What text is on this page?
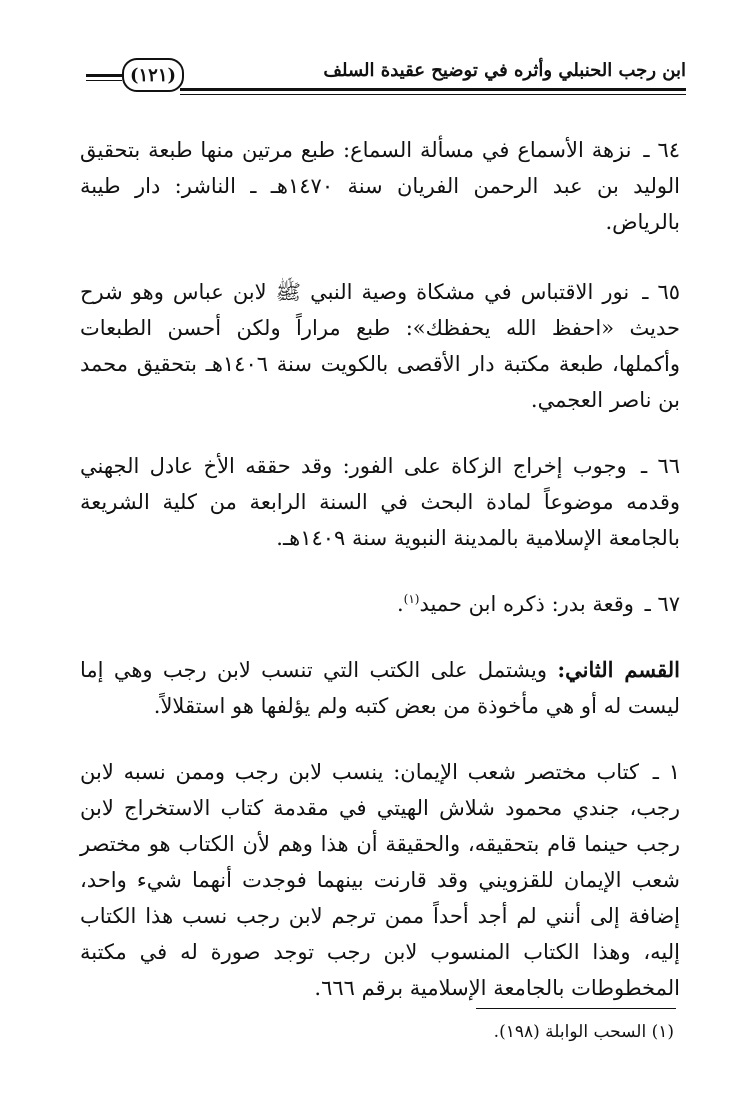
ابن رجب الحنبلي وأثره في توضيح عقيدة السلف
(١٢١)

٦٤ ـ نزهة الأسماع في مسألة السماع: طبع مرتين منها طبعة بتحقيق الوليد بن عبد الرحمن الفريان سنة ١٤٧٠هـ ـ الناشر: دار طيبة بالرياض.

٦٥ ـ نور الاقتباس في مشكاة وصية النبي ﷺ لابن عباس وهو شرح حديث «احفظ الله يحفظك»: طبع مراراً ولكن أحسن الطبعات وأكملها، طبعة مكتبة دار الأقصى بالكويت سنة ١٤٠٦هـ بتحقيق محمد بن ناصر العجمي.

٦٦ ـ وجوب إخراج الزكاة على الفور: وقد حققه الأخ عادل الجهني وقدمه موضوعاً لمادة البحث في السنة الرابعة من كلية الشريعة بالجامعة الإسلامية بالمدينة النبوية سنة ١٤٠٩هـ.

٦٧ ـ وقعة بدر: ذكره ابن حميد$^{(١)}$.

القسم الثاني: ويشتمل على الكتب التي تنسب لابن رجب وهي إما ليست له أو هي مأخوذة من بعض كتبه ولم يؤلفها هو استقلالاً.

١ ـ كتاب مختصر شعب الإيمان: ينسب لابن رجب وممن نسبه لابن رجب، جندي محمود شلاش الهيتي في مقدمة كتاب الاستخراج لابن رجب حينما قام بتحقيقه، والحقيقة أن هذا وهم لأن الكتاب هو مختصر شعب الإيمان للقزويني وقد قارنت بينهما فوجدت أنهما شيء واحد، إضافة إلى أنني لم أجد أحداً ممن ترجم لابن رجب نسب هذا الكتاب إليه، وهذا الكتاب المنسوب لابن رجب توجد صورة له في مكتبة المخطوطات بالجامعة الإسلامية برقم ٦٦٦.

(١) السحب الوابلة (١٩٨).
